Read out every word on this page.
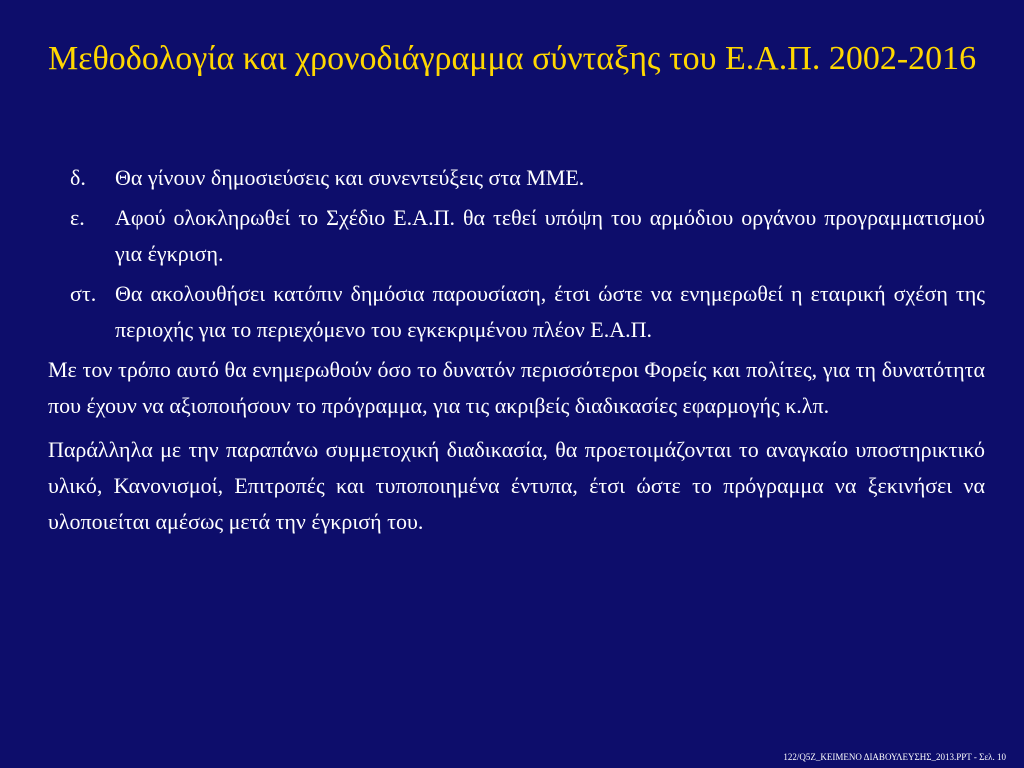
Μεθοδολογία και χρονοδιάγραμμα σύνταξης του Ε.Α.Π. 2002-2016
δ.	Θα γίνουν δημοσιεύσεις και συνεντεύξεις στα ΜΜΕ.
ε.	Αφού ολοκληρωθεί το Σχέδιο Ε.Α.Π. θα τεθεί υπόψη του αρμόδιου οργάνου προγραμματισμού για έγκριση.
στ. Θα ακολουθήσει κατόπιν δημόσια παρουσίαση, έτσι ώστε να ενημερωθεί η εταιρική σχέση της περιοχής για το περιεχόμενο του εγκεκριμένου πλέον Ε.Α.Π.

Με τον τρόπο αυτό θα ενημερωθούν όσο το δυνατόν περισσότεροι Φορείς και πολίτες, για τη δυνατότητα που έχουν να αξιοποιήσουν το πρόγραμμα, για τις ακριβείς διαδικασίες εφαρμογής κ.λπ.

Παράλληλα με την παραπάνω συμμετοχική διαδικασία, θα προετοιμάζονται το αναγκαίο υποστηρικτικό υλικό, Κανονισμοί, Επιτροπές και τυποποιημένα έντυπα, έτσι ώστε το πρόγραμμα να ξεκινήσει να υλοποιείται αμέσως μετά την έγκρισή του.

122/Q5Z_ΚΕΙΜΕΝΟ ΔΙΑΒΟΥΛΕΥΣΗΣ_2013.PPT - Σελ. 10
